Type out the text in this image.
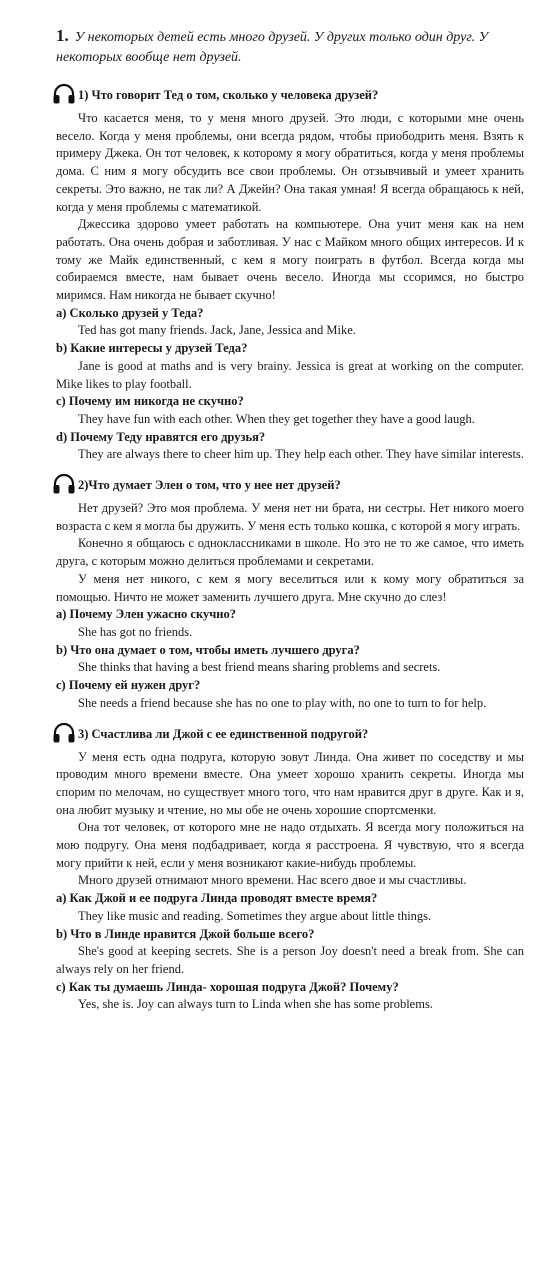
1. У некоторых детей есть много друзей. У других только один друг. У некоторых вообще нет друзей.

1) Что говорит Тед о том, сколько у человека друзей?

Что касается меня, то у меня много друзей. Это люди, с которыми мне очень весело. Когда у меня проблемы, они всегда рядом, чтобы приободрить меня. Взять к примеру Джека. Он тот человек, к которому я могу обратиться, когда у меня проблемы дома. С ним я могу обсудить все свои проблемы. Он отзывчивый и умеет хранить секреты. Это важно, не так ли? А Джейн? Она такая умная! Я всегда обращаюсь к ней, когда у меня проблемы с математикой.

Джессика здорово умеет работать на компьютере. Она учит меня как на нем работать. Она очень добрая и заботливая. У нас с Майком много общих интересов. И к тому же Майк единственный, с кем я могу поиграть в футбол. Всегда когда мы собираемся вместе, нам бывает очень весело. Иногда мы ссоримся, но быстро миримся. Нам никогда не бывает скучно!

а) Сколько друзей у Теда?

Ted has got many friends. Jack, Jane, Jessica and Mike.

b) Какие интересы у друзей Теда?

Jane is good at maths and is very brainy. Jessica is great at working on the computer. Mike likes to play football.

с) Почему им никогда не скучно?

They have fun with each other. When they get together they have a good laugh.

d) Почему Теду нравятся его друзья?

They are always there to cheer him up. They help each other. They have similar interests.

2)Что думает Элен о том, что у нее нет друзей?

Нет друзей? Это моя проблема. У меня нет ни брата, ни сестры. Нет никого моего возраста с кем я могла бы дружить. У меня есть только кошка, с которой я могу играть.

Конечно я общаюсь с одноклассниками в школе. Но это не то же самое, что иметь друга, с которым можно делиться проблемами и секретами.

У меня нет никого, с кем я могу веселиться или к кому могу обратиться за помощью. Ничто не может заменить лучшего друга. Мне скучно до слез!

а) Почему Элен ужасно скучно?

She has got no friends.

b) Что она думает о том, чтобы иметь лучшего друга?

She thinks that having a best friend means sharing problems and secrets.

с) Почему ей нужен друг?

She needs a friend because she has no one to play with, no one to turn to for help.

3) Счастлива ли Джой с ее единственной подругой?

У меня есть одна подруга, которую зовут Линда. Она живет по соседству и мы проводим много времени вместе. Она умеет хорошо хранить секреты. Иногда мы спорим по мелочам, но существует много того, что нам нравится друг в друге. Как и я, она любит музыку и чтение, но мы обе не очень хорошие спортсменки.

Она тот человек, от которого мне не надо отдыхать. Я всегда могу положиться на мою подругу. Она меня подбадривает, когда я расстроена. Я чувствую, что я всегда могу прийти к ней, если у меня возникают какие-нибудь проблемы.

Много друзей отнимают много времени. Нас всего двое и мы счастливы.

а) Как Джой и ее подруга Линда проводят вместе время?

They like music and reading. Sometimes they argue about little things.

b) Что в Линде нравится Джой больше всего?

She's good at keeping secrets. She is a person Joy doesn't need a break from. She can always rely on her friend.

с) Как ты думаешь Линда- хорошая подруга Джой? Почему?

Yes, she is. Joy can always turn to Linda when she has some problems.
